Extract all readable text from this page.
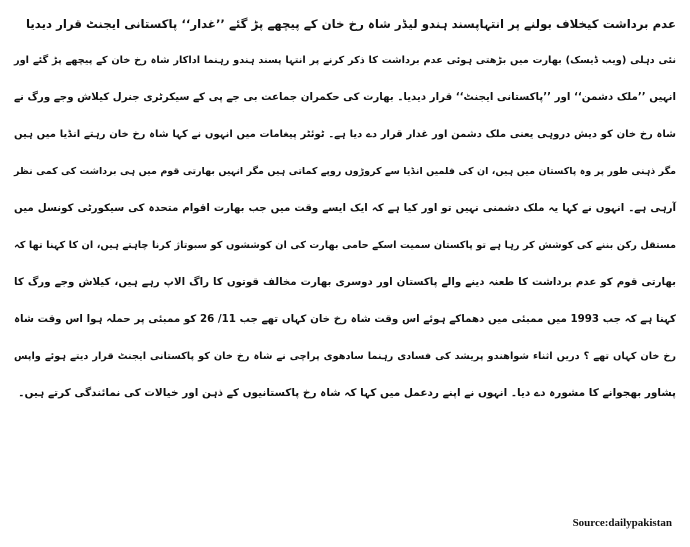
عدم برداشت کیخلاف بولنے پر انتہاپسند ہندو لیڈر شاہ رخ خان کے پیچھے پڑ گئے ’’غدار‘‘ پاکستانی ایجنٹ قرار دیدیا

نئی دہلی (ویب ڈیسک) بھارت میں بڑھتی ہوئی عدم برداشت کا ذکر کرنے پر انتہا پسند ہندو رہنما اداکار شاہ رخ خان کے پیچھے پڑ گئے اور

انہیں ’’ملک دشمن‘‘ اور ’’پاکستانی ایجنٹ‘‘ قرار دیدیا۔ بھارت کی حکمران جماعت بی جے پی کے سیکرٹری جنرل کیلاش وجے ورگ نے

شاہ رخ خان کو دیش دروہی یعنی ملک دشمن اور غدار قرار دے دیا ہے۔ ٹوئٹر پیغامات میں انہوں نے کہا شاہ رخ خان رہتے انڈیا میں ہیں

مگر ذہنی طور پر وہ پاکستان میں ہیں، ان کی فلمیں انڈیا سے کروڑوں روپے کماتی ہیں مگر انہیں بھارتی قوم میں ہی برداشت کی کمی نظر

آرہی ہے۔ انہوں نے کہا یہ ملک دشمنی نہیں تو اور کیا ہے کہ ایک ایسے وقت میں جب بھارت اقوام متحدہ کی سیکورٹی کونسل میں

مستقل رکن بننے کی کوشش کر رہا ہے تو پاکستان سمیت اسکے حامی بھارت کی ان کوششوں کو سبوتاژ کرنا چاہتے ہیں، ان کا کہنا تھا کہ

بھارتی قوم کو عدم برداشت کا طعنہ دینے والے پاکستان اور دوسری بھارت مخالف قوتوں کا راگ الاپ رہے ہیں، کیلاش وجے ورگ کا

کہنا ہے کہ جب 1993 میں ممبئی میں دھماکے ہوئے اس وقت شاہ رخ خان کہاں تھے جب 11/ 26 کو ممبئی پر حملہ ہوا اس وقت شاہ

رخ خان کہاں تھے ؟ دریں اثناء شواھندو پریشد کی فسادی رہنما سادھوی پراچی نے شاہ رخ خان کو پاکستانی ایجنٹ قرار دیتے ہوئے واپس

پشاور بھجوانے کا مشورہ دے دیا۔ انہوں نے اپنے ردعمل میں کہا کہ شاہ رخ پاکستانیوں کے ذہن اور خیالات کی نمائندگی کرتے ہیں۔

Source:dailypakistan
